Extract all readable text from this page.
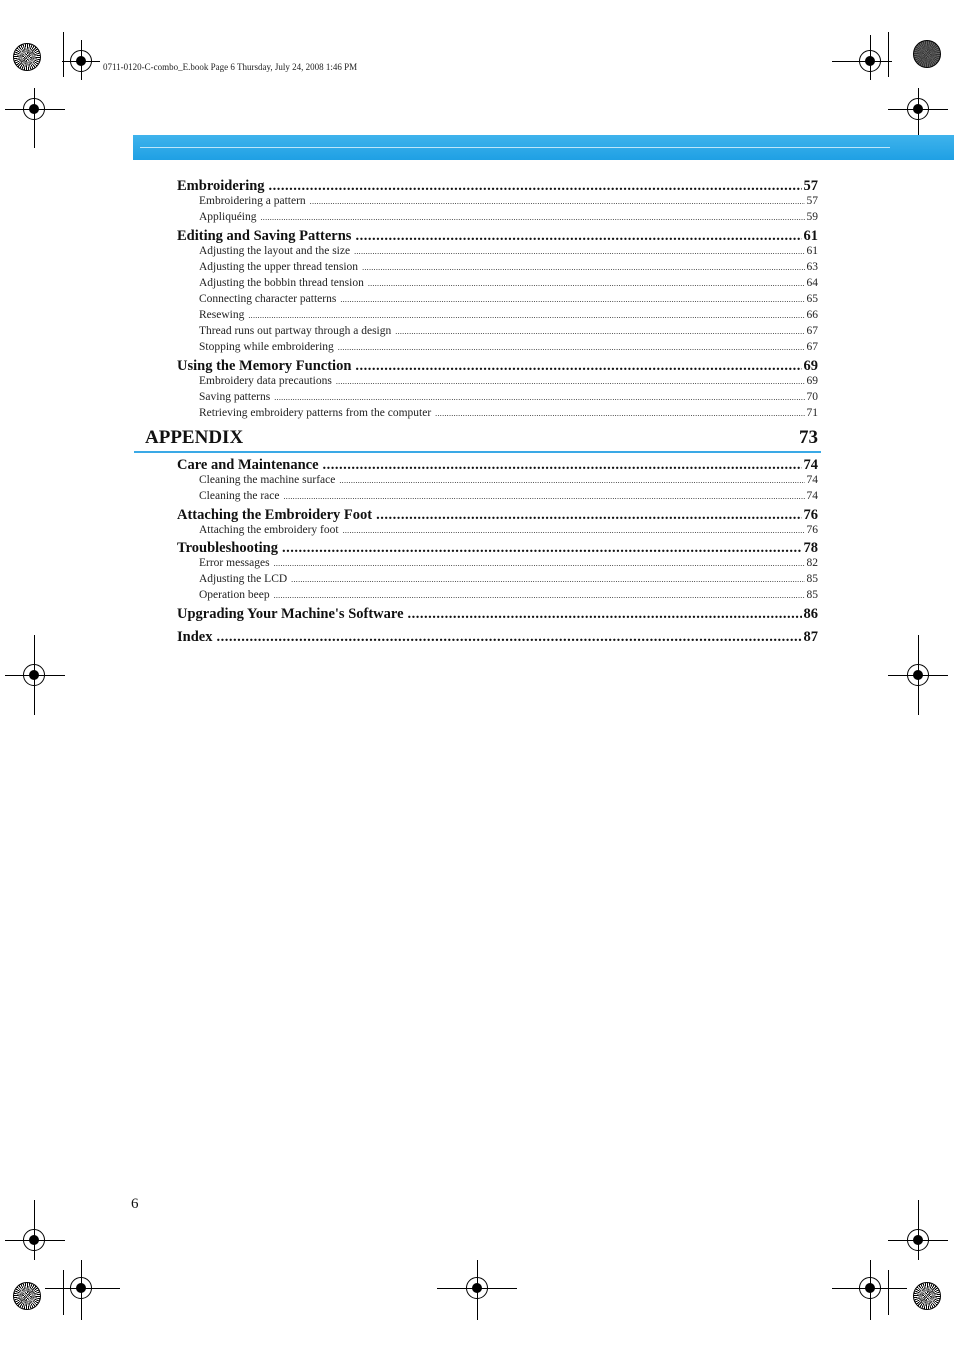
0711-0120-C-combo_E.book Page 6 Thursday, July 24, 2008 1:46 PM
Embroidering .....	57
Embroidering a pattern .....	57
Appliquéing .....	59
Editing and Saving Patterns .....	61
Adjusting the layout and the size .....	61
Adjusting the upper thread tension .....	63
Adjusting the bobbin thread tension .....	64
Connecting character patterns .....	65
Resewing .....	66
Thread runs out partway through a design .....	67
Stopping while embroidering .....	67
Using the Memory Function .....	69
Embroidery data precautions .....	69
Saving patterns .....	70
Retrieving embroidery patterns from the computer .....	71
APPENDIX	73
Care and Maintenance .....	74
Cleaning the machine surface .....	74
Cleaning the race .....	74
Attaching the Embroidery Foot .....	76
Attaching the embroidery foot .....	76
Troubleshooting .....	78
Error messages .....	82
Adjusting the LCD .....	85
Operation beep .....	85
Upgrading Your Machine's Software .....	86
Index .....	87
6
